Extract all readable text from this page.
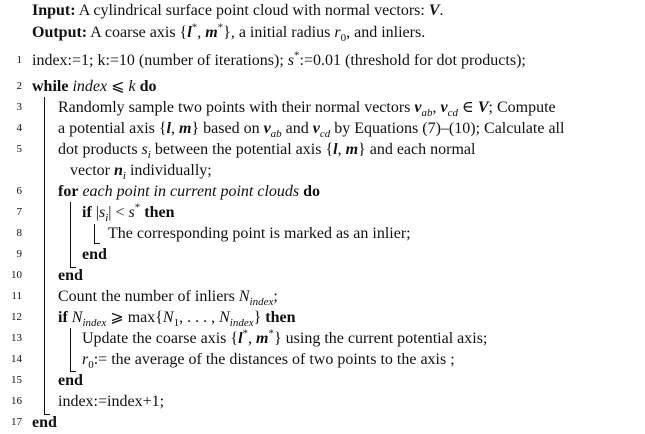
Input: A cylindrical surface point cloud with normal vectors: V.
Output: A coarse axis {l*, m*}, a initial radius $r_0$, and inliers.
1 index:=1; k:=10 (number of iterations); s*:=0.01 (threshold for dot products);
2 while index ⩽ k do
3 Randomly sample two points with their normal vectors $v_{ab}$, $v_{cd}$ ∈ V; Compute
4 a potential axis {l, m} based on $v_{ab}$ and $v_{cd}$ by Equations (7)–(10); Calculate all
5 dot products $s_i$ between the potential axis {l, m} and each normal
vector $n_i$ individually;
6 for each point in current point clouds do
7	if $|s_i| < s^*$ then
8	The corresponding point is marked as an inlier;
9	end
10 end
11 Count the number of inliers $N_{index}$;
12 if $N_{index}$ ⩾ $\max\{N_1$, . . . , $N_{index}$} then
13	Update the coarse axis {l*, m*} using the current potential axis;
14	$r_0:=$ the average of the distances of two points to the axis ;
15 end
16 index:=index+1;
17 end
